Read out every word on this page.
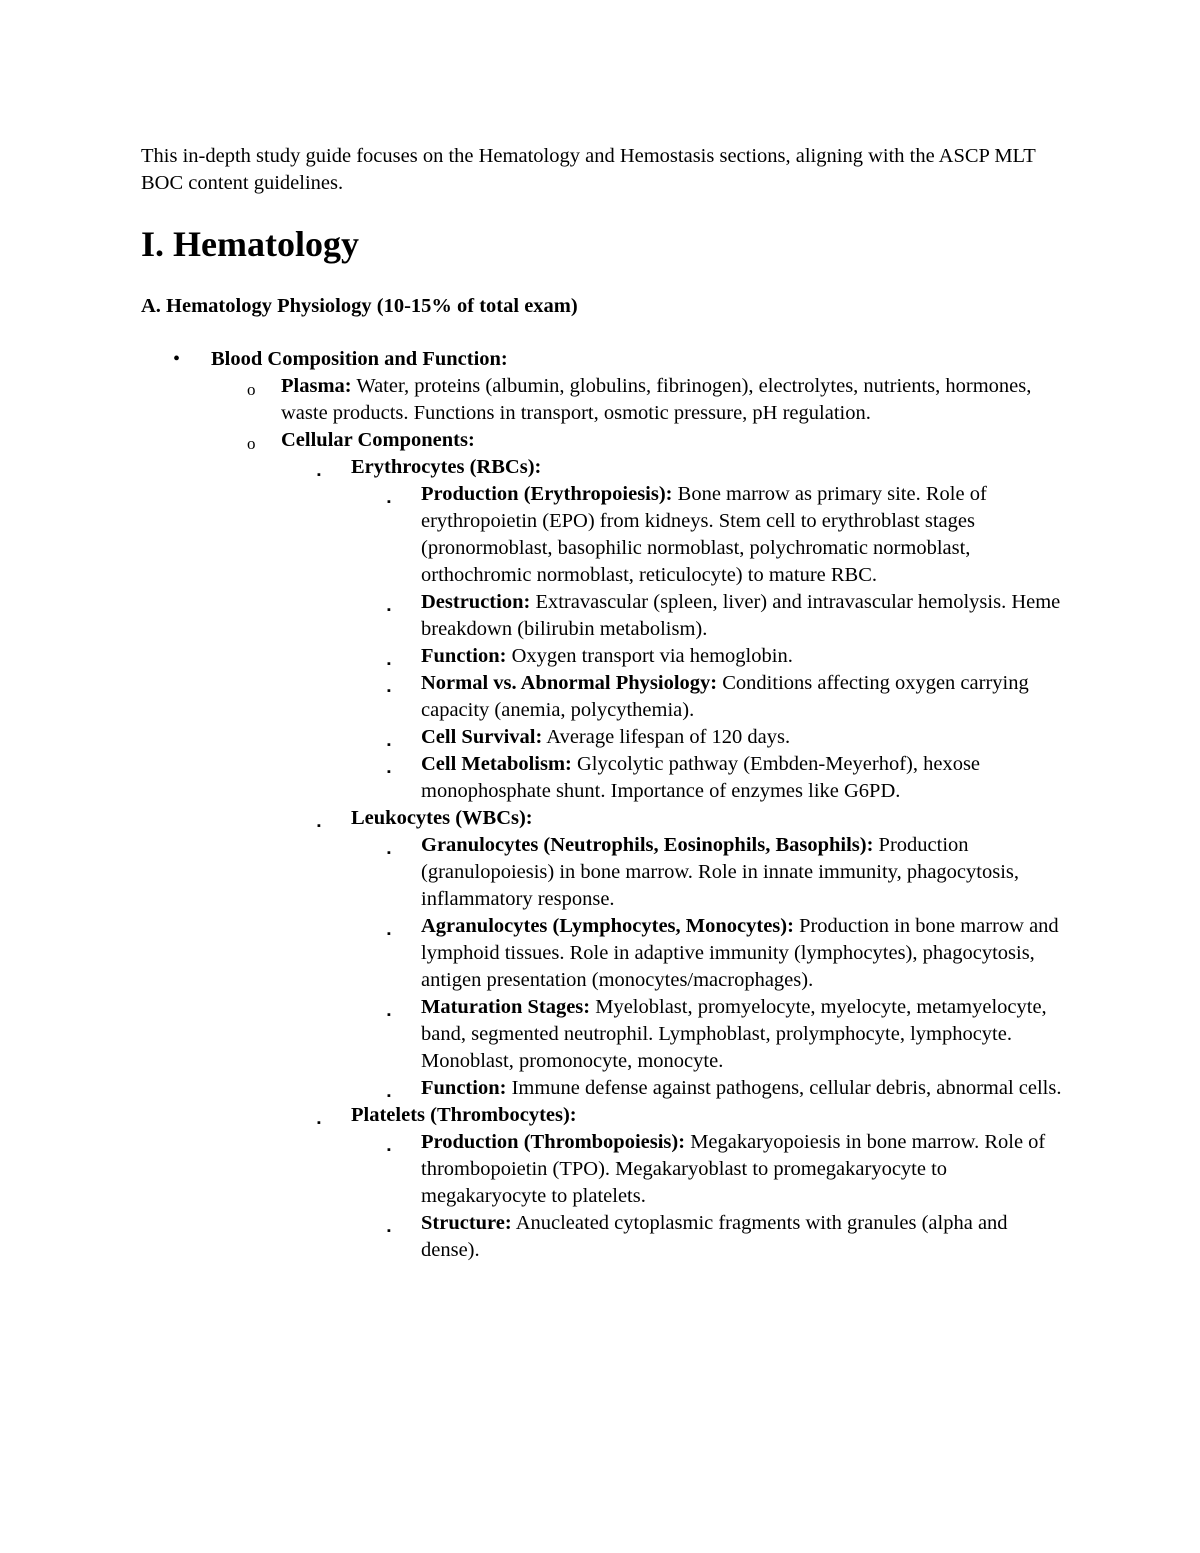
This in-depth study guide focuses on the Hematology and Hemostasis sections, aligning with the ASCP MLT BOC content guidelines.

I. Hematology
A. Hematology Physiology (10-15% of total exam)
• Blood Composition and Function:
o Plasma: Water, proteins (albumin, globulins, fibrinogen), electrolytes, nutrients, hormones, waste products. Functions in transport, osmotic pressure, pH regulation.
o Cellular Components:
▪ Erythrocytes (RBCs):
▪ Production (Erythropoiesis): Bone marrow as primary site. Role of erythropoietin (EPO) from kidneys. Stem cell to erythroblast stages (pronormoblast, basophilic normoblast, polychromatic normoblast, orthochromic normoblast, reticulocyte) to mature RBC.
▪ Destruction: Extravascular (spleen, liver) and intravascular hemolysis. Heme breakdown (bilirubin metabolism).
▪ Function: Oxygen transport via hemoglobin.
▪ Normal vs. Abnormal Physiology: Conditions affecting oxygen carrying capacity (anemia, polycythemia).
▪ Cell Survival: Average lifespan of 120 days.
▪ Cell Metabolism: Glycolytic pathway (Embden-Meyerhof), hexose monophosphate shunt. Importance of enzymes like G6PD.
▪ Leukocytes (WBCs):
▪ Granulocytes (Neutrophils, Eosinophils, Basophils): Production (granulopoiesis) in bone marrow. Role in innate immunity, phagocytosis, inflammatory response.
▪ Agranulocytes (Lymphocytes, Monocytes): Production in bone marrow and lymphoid tissues. Role in adaptive immunity (lymphocytes), phagocytosis, antigen presentation (monocytes/macrophages).
▪ Maturation Stages: Myeloblast, promyelocyte, myelocyte, metamyelocyte, band, segmented neutrophil. Lymphoblast, prolymphocyte, lymphocyte. Monoblast, promonocyte, monocyte.
▪ Function: Immune defense against pathogens, cellular debris, abnormal cells.
▪ Platelets (Thrombocytes):
▪ Production (Thrombopoiesis): Megakaryopoiesis in bone marrow. Role of thrombopoietin (TPO). Megakaryoblast to promegakaryocyte to megakaryocyte to platelets.
▪ Structure: Anucleated cytoplasmic fragments with granules (alpha and dense).
